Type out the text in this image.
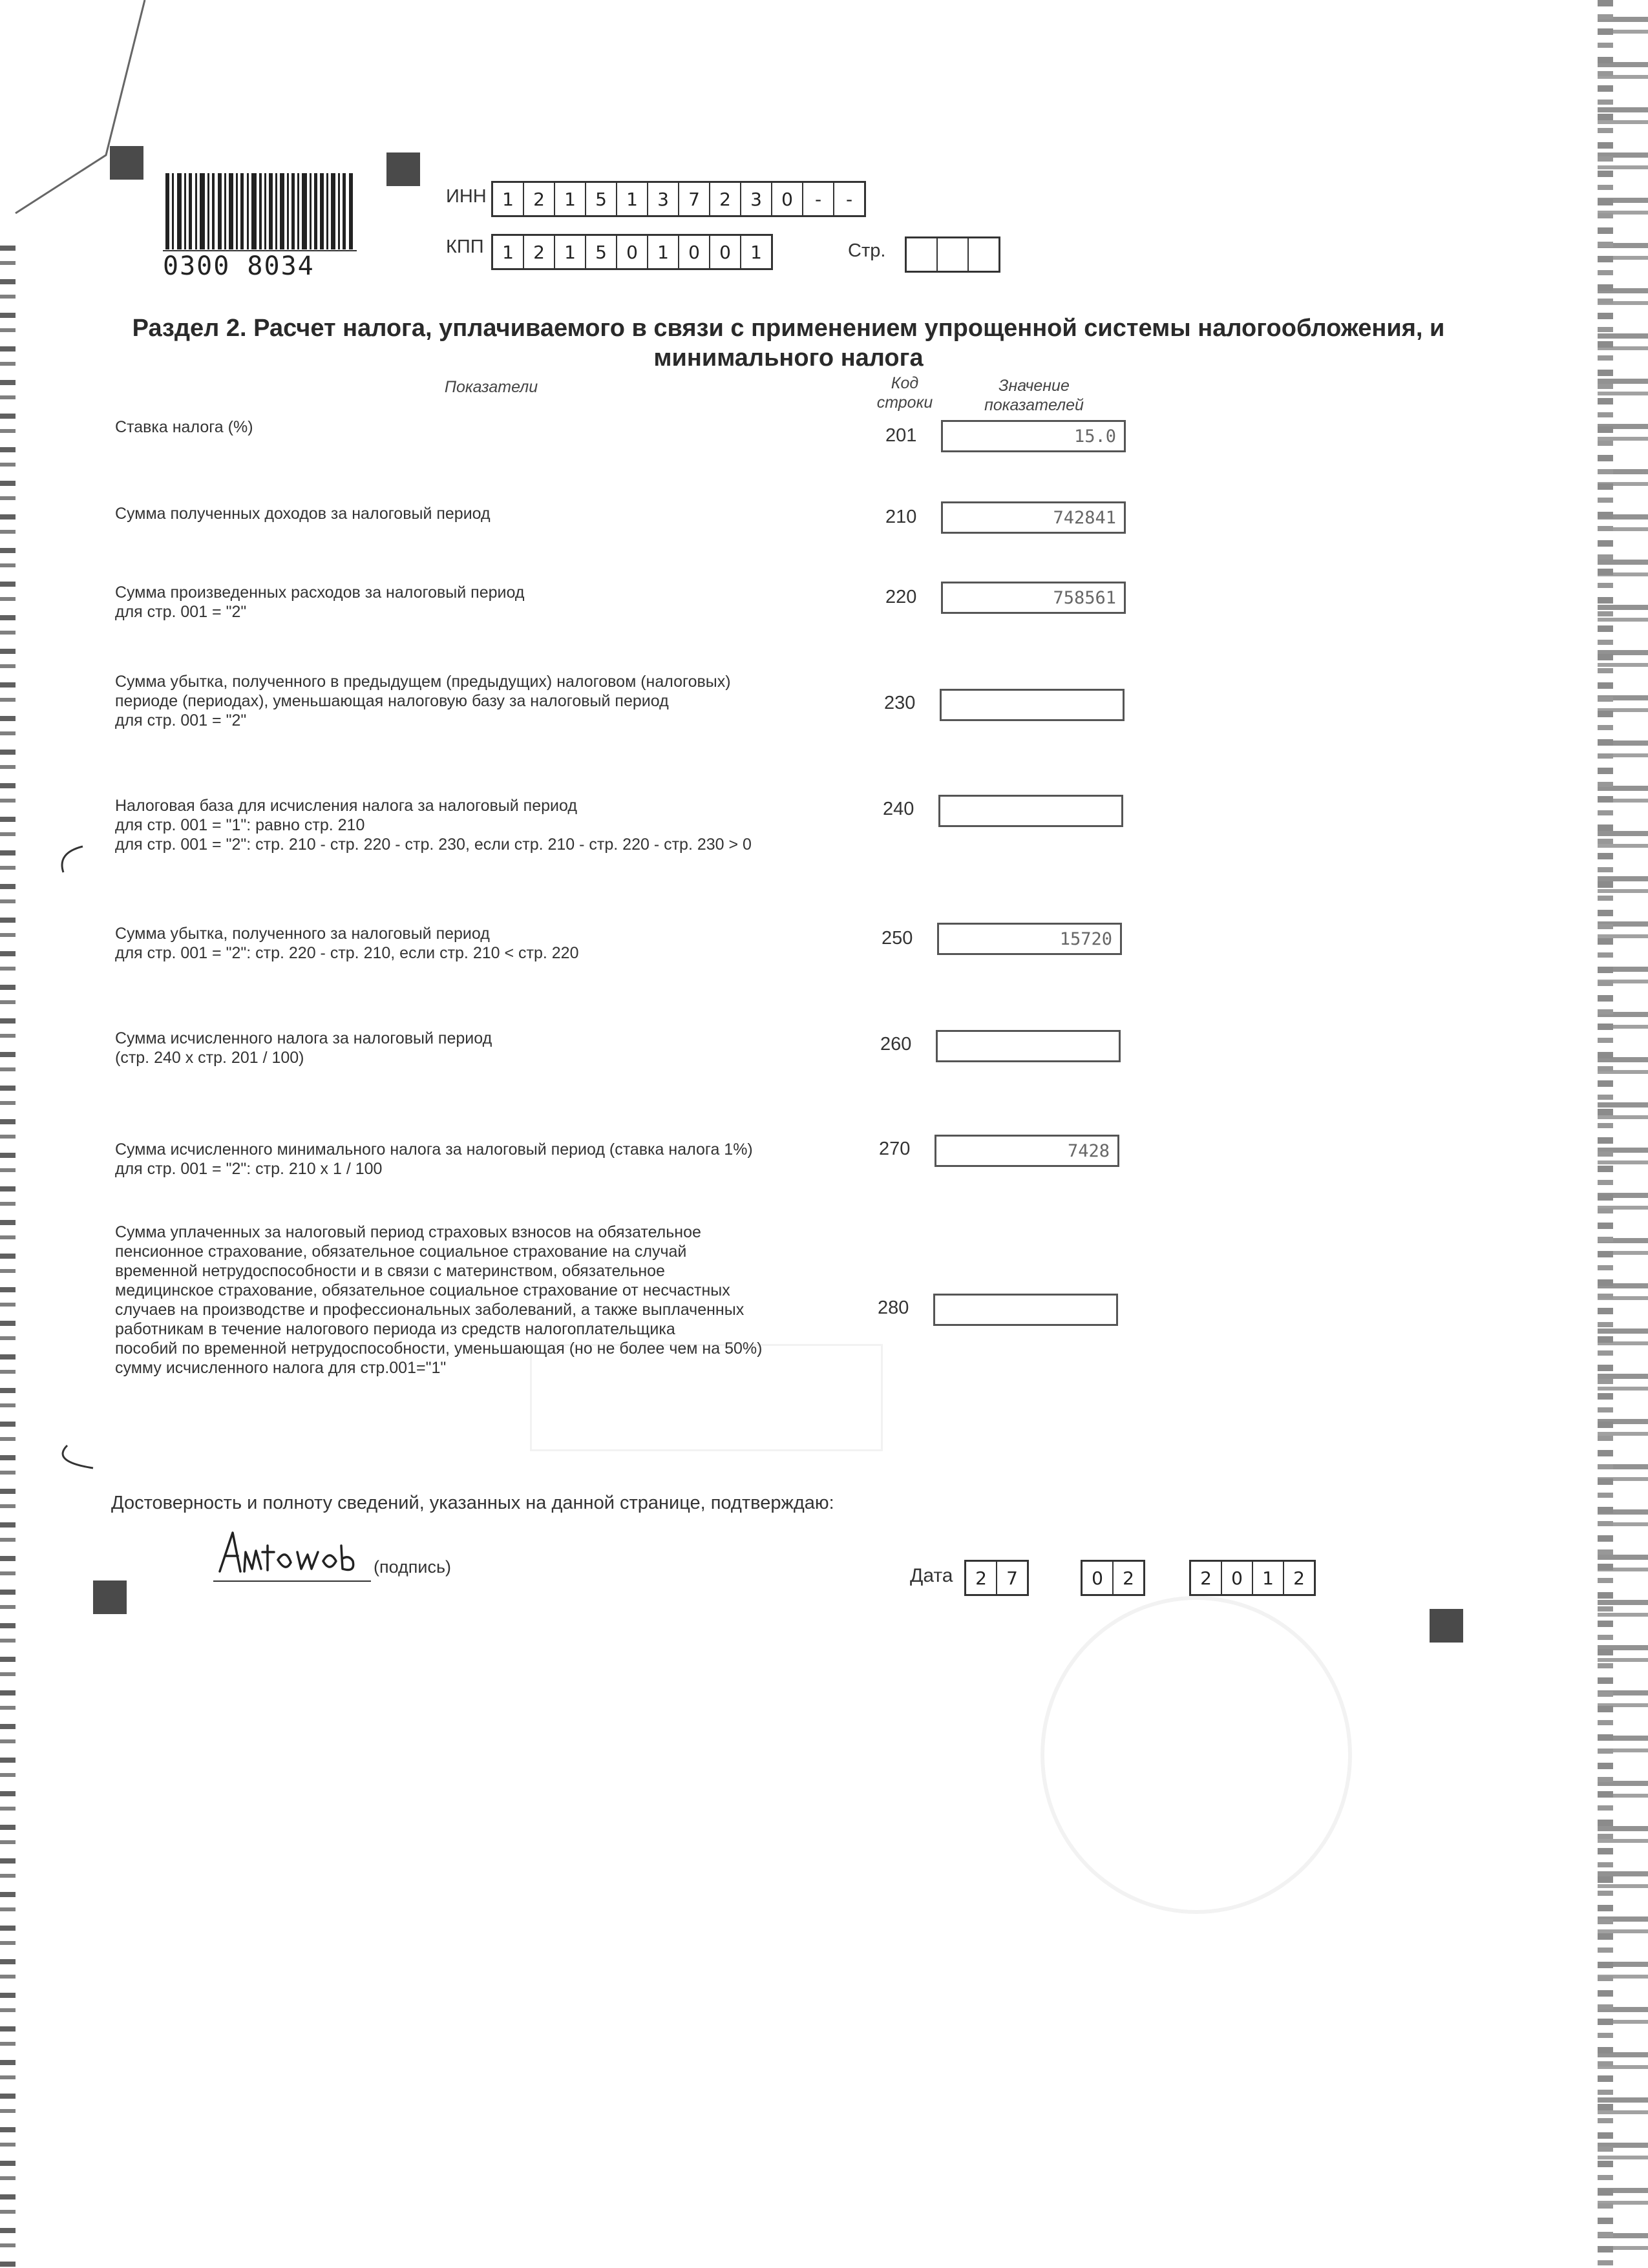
0300 8034
ИНН 1	2	1	5	1	3	7	2	3	0	-	-
КПП	1	2	1	5	0	1	0	0	1	Стр.
Раздел 2. Расчет налога, уплачиваемого в связи с применением упрощенной системы налогообложения, и
минимального налога
Показатели	Код
строки
Значение
показателей
Ставка налога (%)	201	15.0
Сумма полученных доходов за налоговый период	210	742841
Сумма произведенных расходов за налоговый период
для стр. 001 = "2"
220	758561
Сумма убытка, полученного в предыдущем (предыдущих) налоговом (налоговых)
периоде (периодах), уменьшающая налоговую базу за налоговый период
для стр. 001 = "2"
230
Налоговая база для исчисления налога за налоговый период
для стр. 001 = "1": равно стр. 210
для стр. 001 = "2": стр. 210 - стр. 220 - стр. 230, если стр. 210 - стр. 220 - стр. 230 > 0
240
Сумма убытка, полученного за налоговый период
для стр. 001 = "2": стр. 220 - стр. 210, если стр. 210 < стр. 220
250	15720
Сумма исчисленного налога за налоговый период
(стр. 240 х стр. 201 / 100)
260
Сумма исчисленного минимального налога за налоговый период (ставка налога 1%)
для стр. 001 = "2": стр. 210 х 1 / 100
270	7428
Сумма уплаченных за налоговый период страховых взносов на обязательное
пенсионное страхование, обязательное социальное страхование на случай
временной нетрудоспособности и в связи с материнством, обязательное
медицинское страхование, обязательное социальное страхование от несчастных
случаев на производстве и профессиональных заболеваний, а также выплаченных
работникам в течение налогового периода из средств налогоплательщика
пособий по временной нетрудоспособности, уменьшающая (но не более чем на 50%)
сумму исчисленного налога для стр.001="1"
280
Достоверность и полноту сведений, указанных на данной странице, подтверждаю:
(подпись)	Дата	2	7	0	2	2	0	1	2
